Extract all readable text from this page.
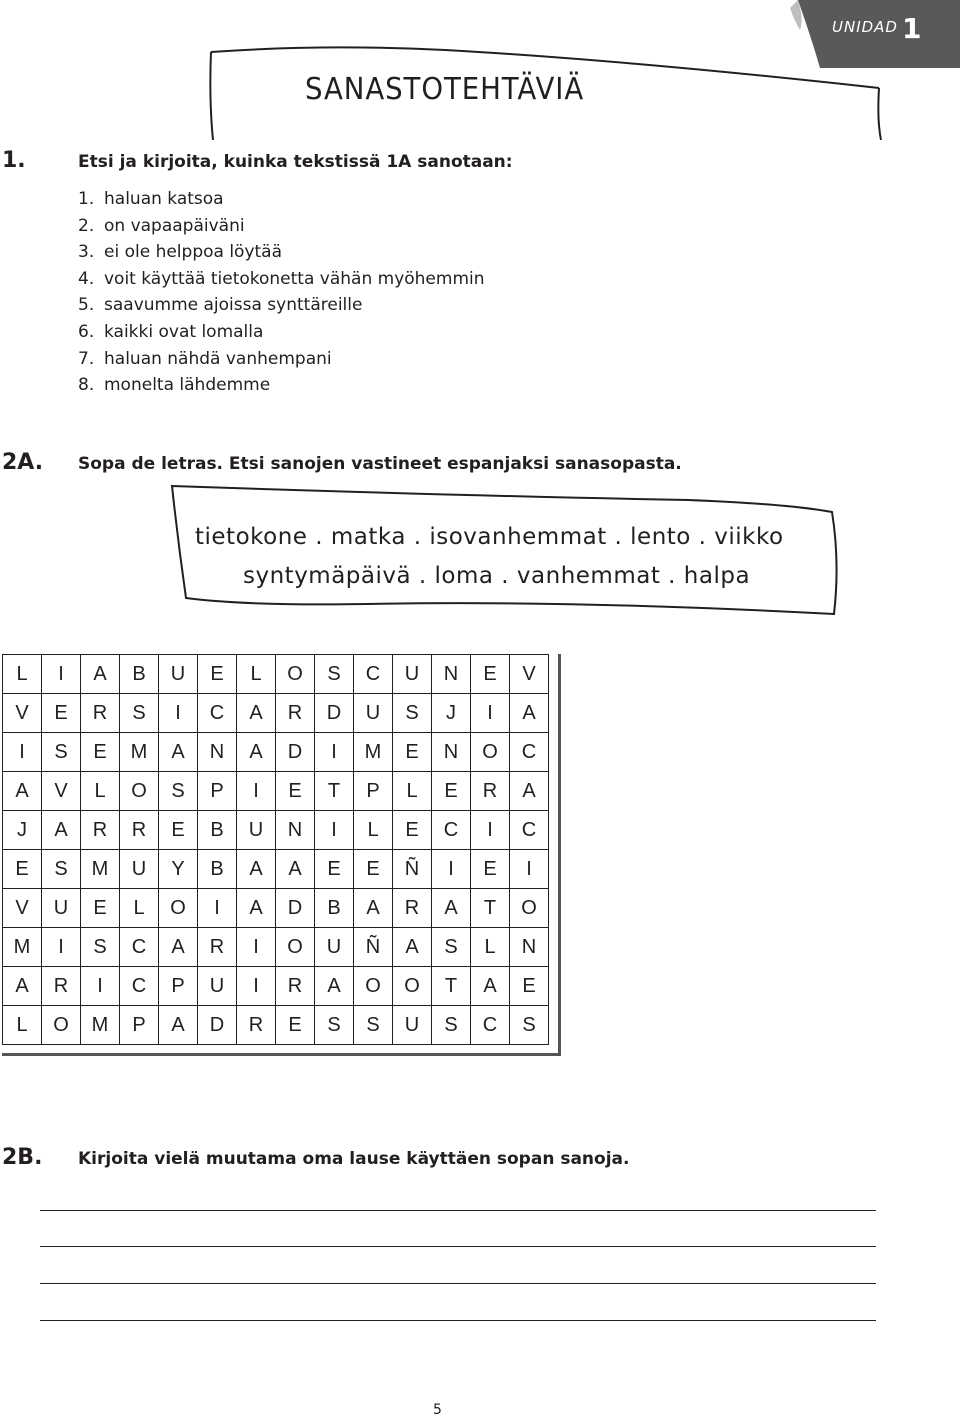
UNIDAD 1
SANASTOTEHTÄVIÄ
1.	Etsi ja kirjoita, kuinka tekstissä 1A sanotaan:
1. haluan katsoa
2. on vapaapäiväni
3. ei ole helppoa löytää
4. voit käyttää tietokonetta vähän myöhemmin
5. saavumme ajoissa synttäreille
6. kaikki ovat lomalla
7. haluan nähdä vanhempani
8. monelta lähdemme
2A. Sopa de letras. Etsi sanojen vastineet espanjaksi sanasopasta.
tietokone . matka . isovanhemmat . lento . viikko
syntymäpäivä . loma . vanhemmat . halpa
L	I	A	B	U	E	L	O	S	C	U	N	E	V
V	E	R	S	I	C	A	R	D	U	S	J	I	A
I	S	E	M	A	N	A	D	I	M	E	N	O	C
A	V	L	O	S	P	I	E	T	P	L	E	R	A
J	A	R	R	E	B	U	N	I	L	E	C	I	C
E	S	M	U	Y	B	A	A	E	E	Ñ	I	E	I
V	U	E	L	O	I	A	D	B	A	R	A	T	O
M	I	S	C	A	R	I	O	U	Ñ	A	S	L	N
A	R	I	C	P	U	I	R	A	O	O	T	A	E
L	O	M	P	A	D	R	E	S	S	U	S	C	S
2B. Kirjoita vielä muutama oma lause käyttäen sopan sanoja.
5
